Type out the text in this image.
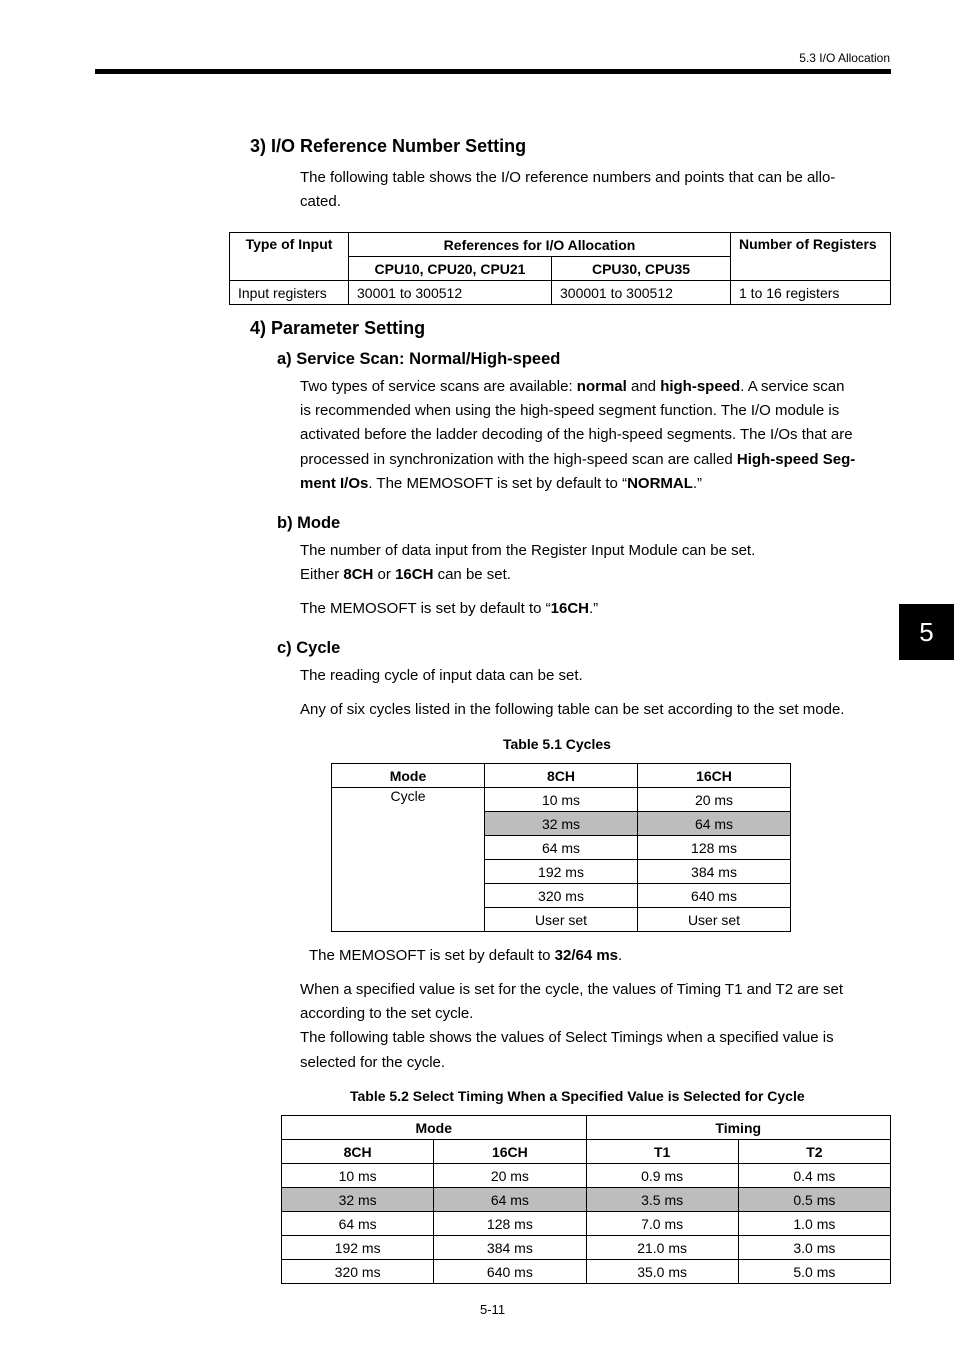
5.3 I/O Allocation
5
3) I/O Reference Number Setting
The following table shows the I/O reference numbers and points that can be allo-
cated.
Type of Input	References for I/O Allocation		Number of Registers
	CPU10, CPU20, CPU21	CPU30, CPU35	
Input registers	30001 to 300512	300001 to 300512	1 to 16 registers
4) Parameter Setting
a) Service Scan: Normal/High-speed
Two types of service scans are available: normal and high-speed. A service scan
is recommended when using the high-speed segment function. The I/O module is
activated before the ladder decoding of the high-speed segments. The I/Os that are
processed in synchronization with the high-speed scan are called High-speed Seg-
ment I/Os. The MEMOSOFT is set by default to “NORMAL.”
b) Mode
The number of data input from the Register Input Module can be set.
Either 8CH or 16CH can be set.
The MEMOSOFT is set by default to “16CH.”
c) Cycle
The reading cycle of input data can be set.
Any of six cycles listed in the following table can be set according to the set mode.
Table 5.1 Cycles
Mode	8CH	16CH
Cycle	10 ms	20 ms
	32 ms	64 ms
	64 ms	128 ms
	192 ms	384 ms
	320 ms	640 ms
	User set	User set
The MEMOSOFT is set by default to 32/64 ms.
When a specified value is set for the cycle, the values of Timing T1 and T2 are set
according to the set cycle.
The following table shows the values of Select Timings when a specified value is
selected for the cycle.
Table 5.2 Select Timing When a Specified Value is Selected for Cycle
Mode		Timing	
8CH	16CH	T1	T2
10 ms	20 ms	0.9 ms	0.4 ms
32 ms	64 ms	3.5 ms	0.5 ms
64 ms	128 ms	7.0 ms	1.0 ms
192 ms	384 ms	21.0 ms	3.0 ms
320 ms	640 ms	35.0 ms	5.0 ms
5-11
